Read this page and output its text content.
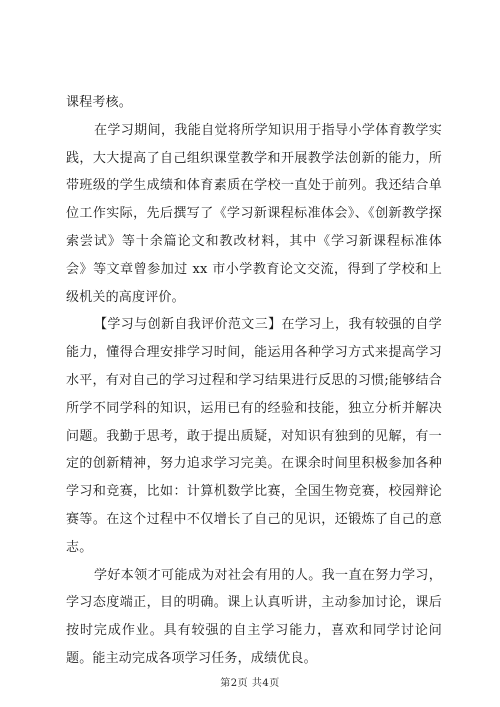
课程考核。

在学习期间，我能自觉将所学知识用于指导小学体育教学实践，大大提高了自己组织课堂教学和开展教学法创新的能力，所带班级的学生成绩和体育素质在学校一直处于前列。我还结合单位工作实际，先后撰写了《学习新课程标准体会》、《创新教学探索尝试》等十余篇论文和教改材料，其中《学习新课程标准体会》等文章曾参加过 xx 市小学教育论文交流，得到了学校和上级机关的高度评价。

【学习与创新自我评价范文三】在学习上，我有较强的自学能力，懂得合理安排学习时间，能运用各种学习方式来提高学习水平，有对自己的学习过程和学习结果进行反思的习惯;能够结合所学不同学科的知识，运用已有的经验和技能，独立分析并解决问题。我勤于思考，敢于提出质疑，对知识有独到的见解，有一定的创新精神，努力追求学习完美。在课余时间里积极参加各种学习和竞赛，比如：计算机数学比赛，全国生物竞赛，校园辩论赛等。在这个过程中不仅增长了自己的见识，还锻炼了自己的意志。

学好本领才可能成为对社会有用的人。我一直在努力学习，学习态度端正，目的明确。课上认真听讲，主动参加讨论，课后按时完成作业。具有较强的自主学习能力，喜欢和同学讨论问题。能主动完成各项学习任务，成绩优良。

第2页 共4页
